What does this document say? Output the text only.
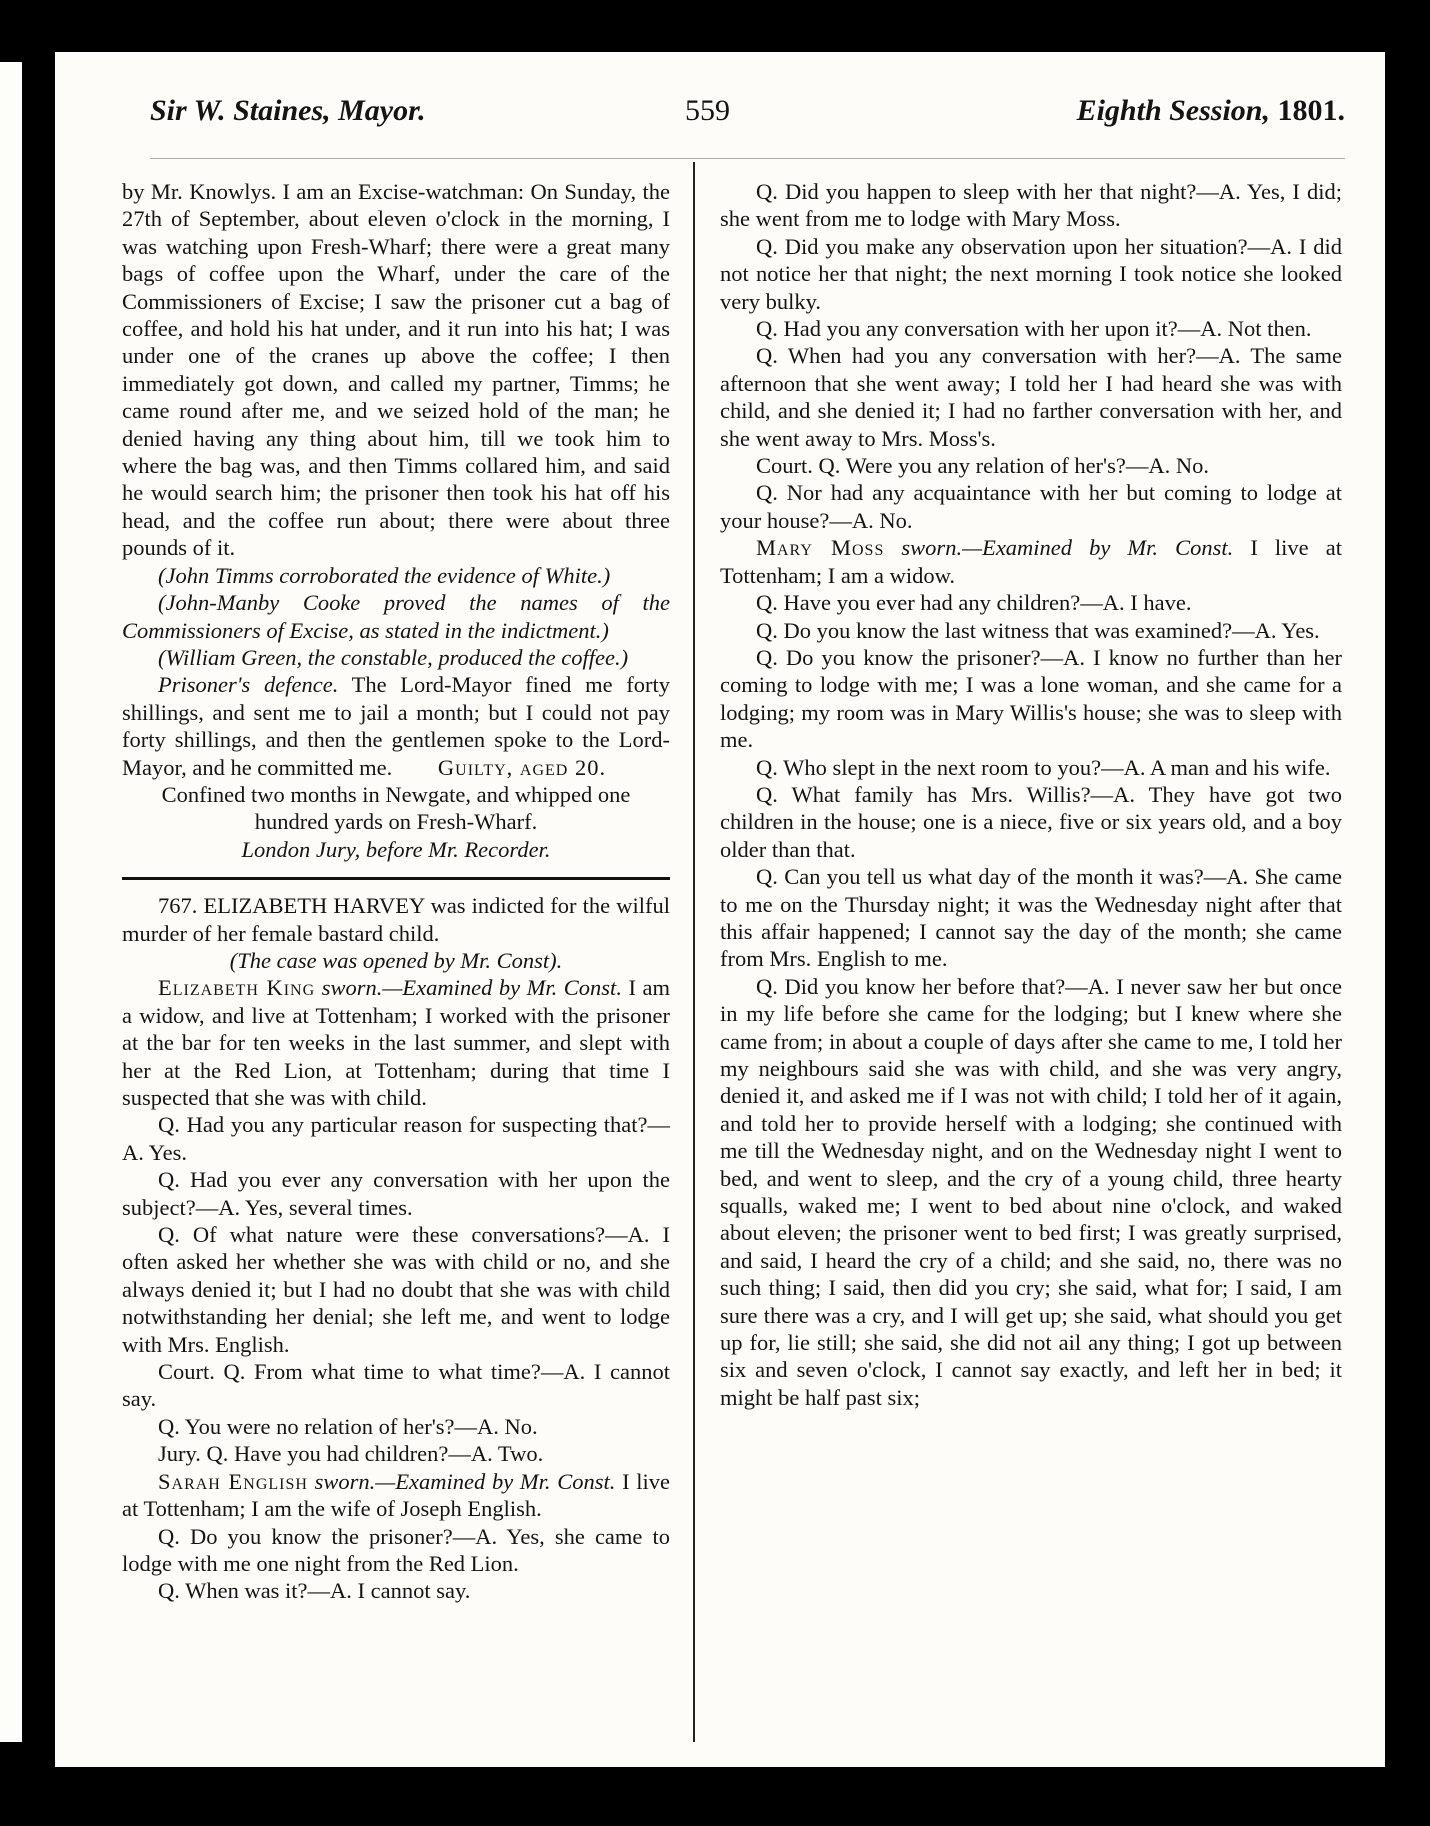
Sir W. Staines, Mayor.	559	Eighth Session, 1801.

by Mr. Knowlys. I am an Excise-watchman: On Sunday, the 27th of September, about eleven o'clock in the morning, I was watching upon Fresh-Wharf; there were a great many bags of coffee upon the Wharf, under the care of the Commissioners of Excise; I saw the prisoner cut a bag of coffee, and hold his hat under, and it run into his hat; I was under one of the cranes up above the coffee; I then immediately got down, and called my partner, Timms; he came round after me, and we seized hold of the man; he denied having any thing about him, till we took him to where the bag was, and then Timms collared him, and said he would search him; the prisoner then took his hat off his head, and the coffee run about; there were about three pounds of it.

(John Timms corroborated the evidence of White.)

(John-Manby Cooke proved the names of the Commissioners of Excise, as stated in the indictment.)

(William Green, the constable, produced the coffee.)

Prisoner's defence. The Lord-Mayor fined me forty shillings, and sent me to jail a month; but I could not pay forty shillings, and then the gentlemen spoke to the Lord-Mayor, and he committed me. Guilty, aged 20.

Confined two months in Newgate, and whipped one hundred yards on Fresh-Wharf.

London Jury, before Mr. Recorder.

767. ELIZABETH HARVEY was indicted for the wilful murder of her female bastard child.

(The case was opened by Mr. Const).

Elizabeth King sworn.—Examined by Mr. Const. I am a widow, and live at Tottenham; I worked with the prisoner at the bar for ten weeks in the last summer, and slept with her at the Red Lion, at Tottenham; during that time I suspected that she was with child.

Q. Had you any particular reason for suspecting that?—A. Yes.

Q. Had you ever any conversation with her upon the subject?—A. Yes, several times.

Q. Of what nature were these conversations?—A. I often asked her whether she was with child or no, and she always denied it; but I had no doubt that she was with child notwithstanding her denial; she left me, and went to lodge with Mrs. English.

Court. Q. From what time to what time?—A. I cannot say.

Q. You were no relation of her's?—A. No.

Jury. Q. Have you had children?—A. Two.

Sarah English sworn.—Examined by Mr. Const. I live at Tottenham; I am the wife of Joseph English.

Q. Do you know the prisoner?—A. Yes, she came to lodge with me one night from the Red Lion.

Q. When was it?—A. I cannot say.

Q. Did you happen to sleep with her that night?—A. Yes, I did; she went from me to lodge with Mary Moss.

Q. Did you make any observation upon her situation?—A. I did not notice her that night; the next morning I took notice she looked very bulky.

Q. Had you any conversation with her upon it?—A. Not then.

Q. When had you any conversation with her?—A. The same afternoon that she went away; I told her I had heard she was with child, and she denied it; I had no farther conversation with her, and she went away to Mrs. Moss's.

Court. Q. Were you any relation of her's?—A. No.

Q. Nor had any acquaintance with her but coming to lodge at your house?—A. No.

Mary Moss sworn.—Examined by Mr. Const. I live at Tottenham; I am a widow.

Q. Have you ever had any children?—A. I have.

Q. Do you know the last witness that was examined?—A. Yes.

Q. Do you know the prisoner?—A. I know no further than her coming to lodge with me; I was a lone woman, and she came for a lodging; my room was in Mary Willis's house; she was to sleep with me.

Q. Who slept in the next room to you?—A. A man and his wife.

Q. What family has Mrs. Willis?—A. They have got two children in the house; one is a niece, five or six years old, and a boy older than that.

Q. Can you tell us what day of the month it was?—A. She came to me on the Thursday night; it was the Wednesday night after that this affair happened; I cannot say the day of the month; she came from Mrs. English to me.

Q. Did you know her before that?—A. I never saw her but once in my life before she came for the lodging; but I knew where she came from; in about a couple of days after she came to me, I told her my neighbours said she was with child, and she was very angry, denied it, and asked me if I was not with child; I told her of it again, and told her to provide herself with a lodging; she continued with me till the Wednesday night, and on the Wednesday night I went to bed, and went to sleep, and the cry of a young child, three hearty squalls, waked me; I went to bed about nine o'clock, and waked about eleven; the prisoner went to bed first; I was greatly surprised, and said, I heard the cry of a child; and she said, no, there was no such thing; I said, then did you cry; she said, what for; I said, I am sure there was a cry, and I will get up; she said, what should you get up for, lie still; she said, she did not ail any thing; I got up between six and seven o'clock, I cannot say exactly, and left her in bed; it might be half past six;
